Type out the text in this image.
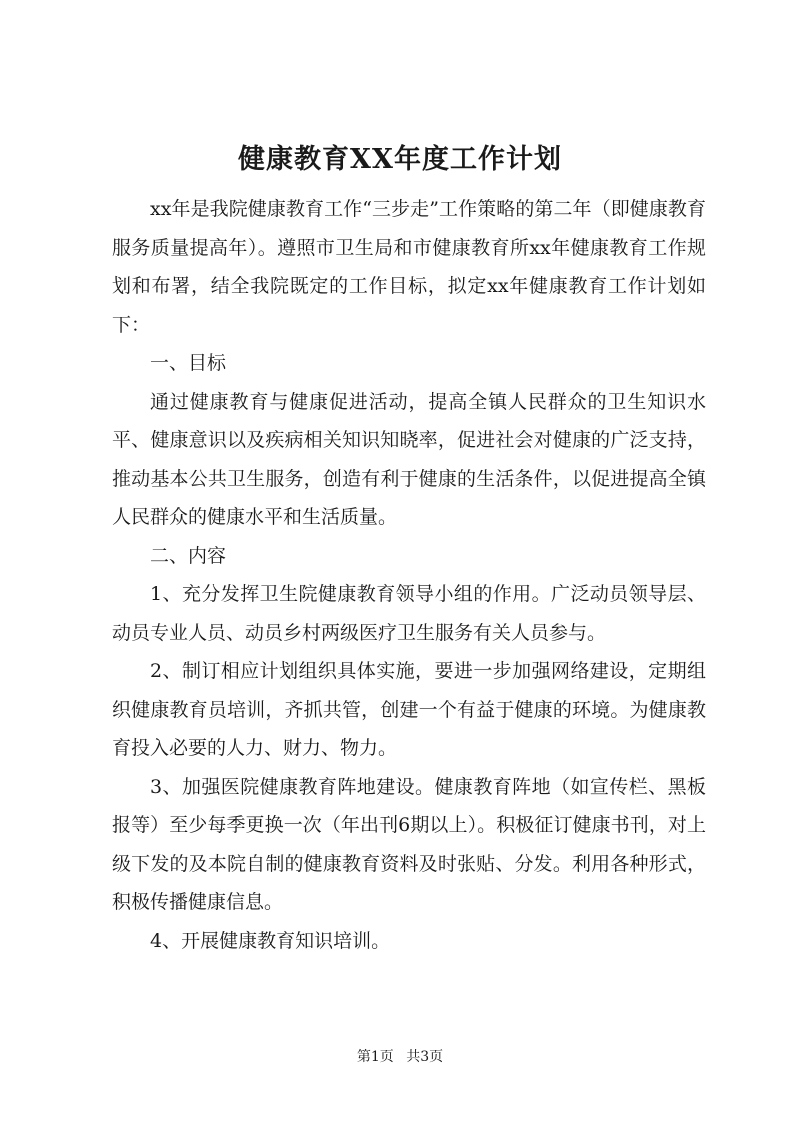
健康教育XX年度工作计划

xx年是我院健康教育工作“三步走”工作策略的第二年（即健康教育服务质量提高年）。遵照市卫生局和市健康教育所xx年健康教育工作规划和布署，结全我院既定的工作目标，拟定xx年健康教育工作计划如下：

一、目标

通过健康教育与健康促进活动，提高全镇人民群众的卫生知识水平、健康意识以及疾病相关知识知晓率，促进社会对健康的广泛支持，推动基本公共卫生服务，创造有利于健康的生活条件，以促进提高全镇人民群众的健康水平和生活质量。

二、内容

1、充分发挥卫生院健康教育领导小组的作用。广泛动员领导层、动员专业人员、动员乡村两级医疗卫生服务有关人员参与。

2、制订相应计划组织具体实施，要进一步加强网络建设，定期组织健康教育员培训，齐抓共管，创建一个有益于健康的环境。为健康教育投入必要的人力、财力、物力。

3、加强医院健康教育阵地建设。健康教育阵地（如宣传栏、黑板报等）至少每季更换一次（年出刊6期以上）。积极征订健康书刊，对上级下发的及本院自制的健康教育资料及时张贴、分发。利用各种形式，积极传播健康信息。

4、开展健康教育知识培训。

第1页 共3页
